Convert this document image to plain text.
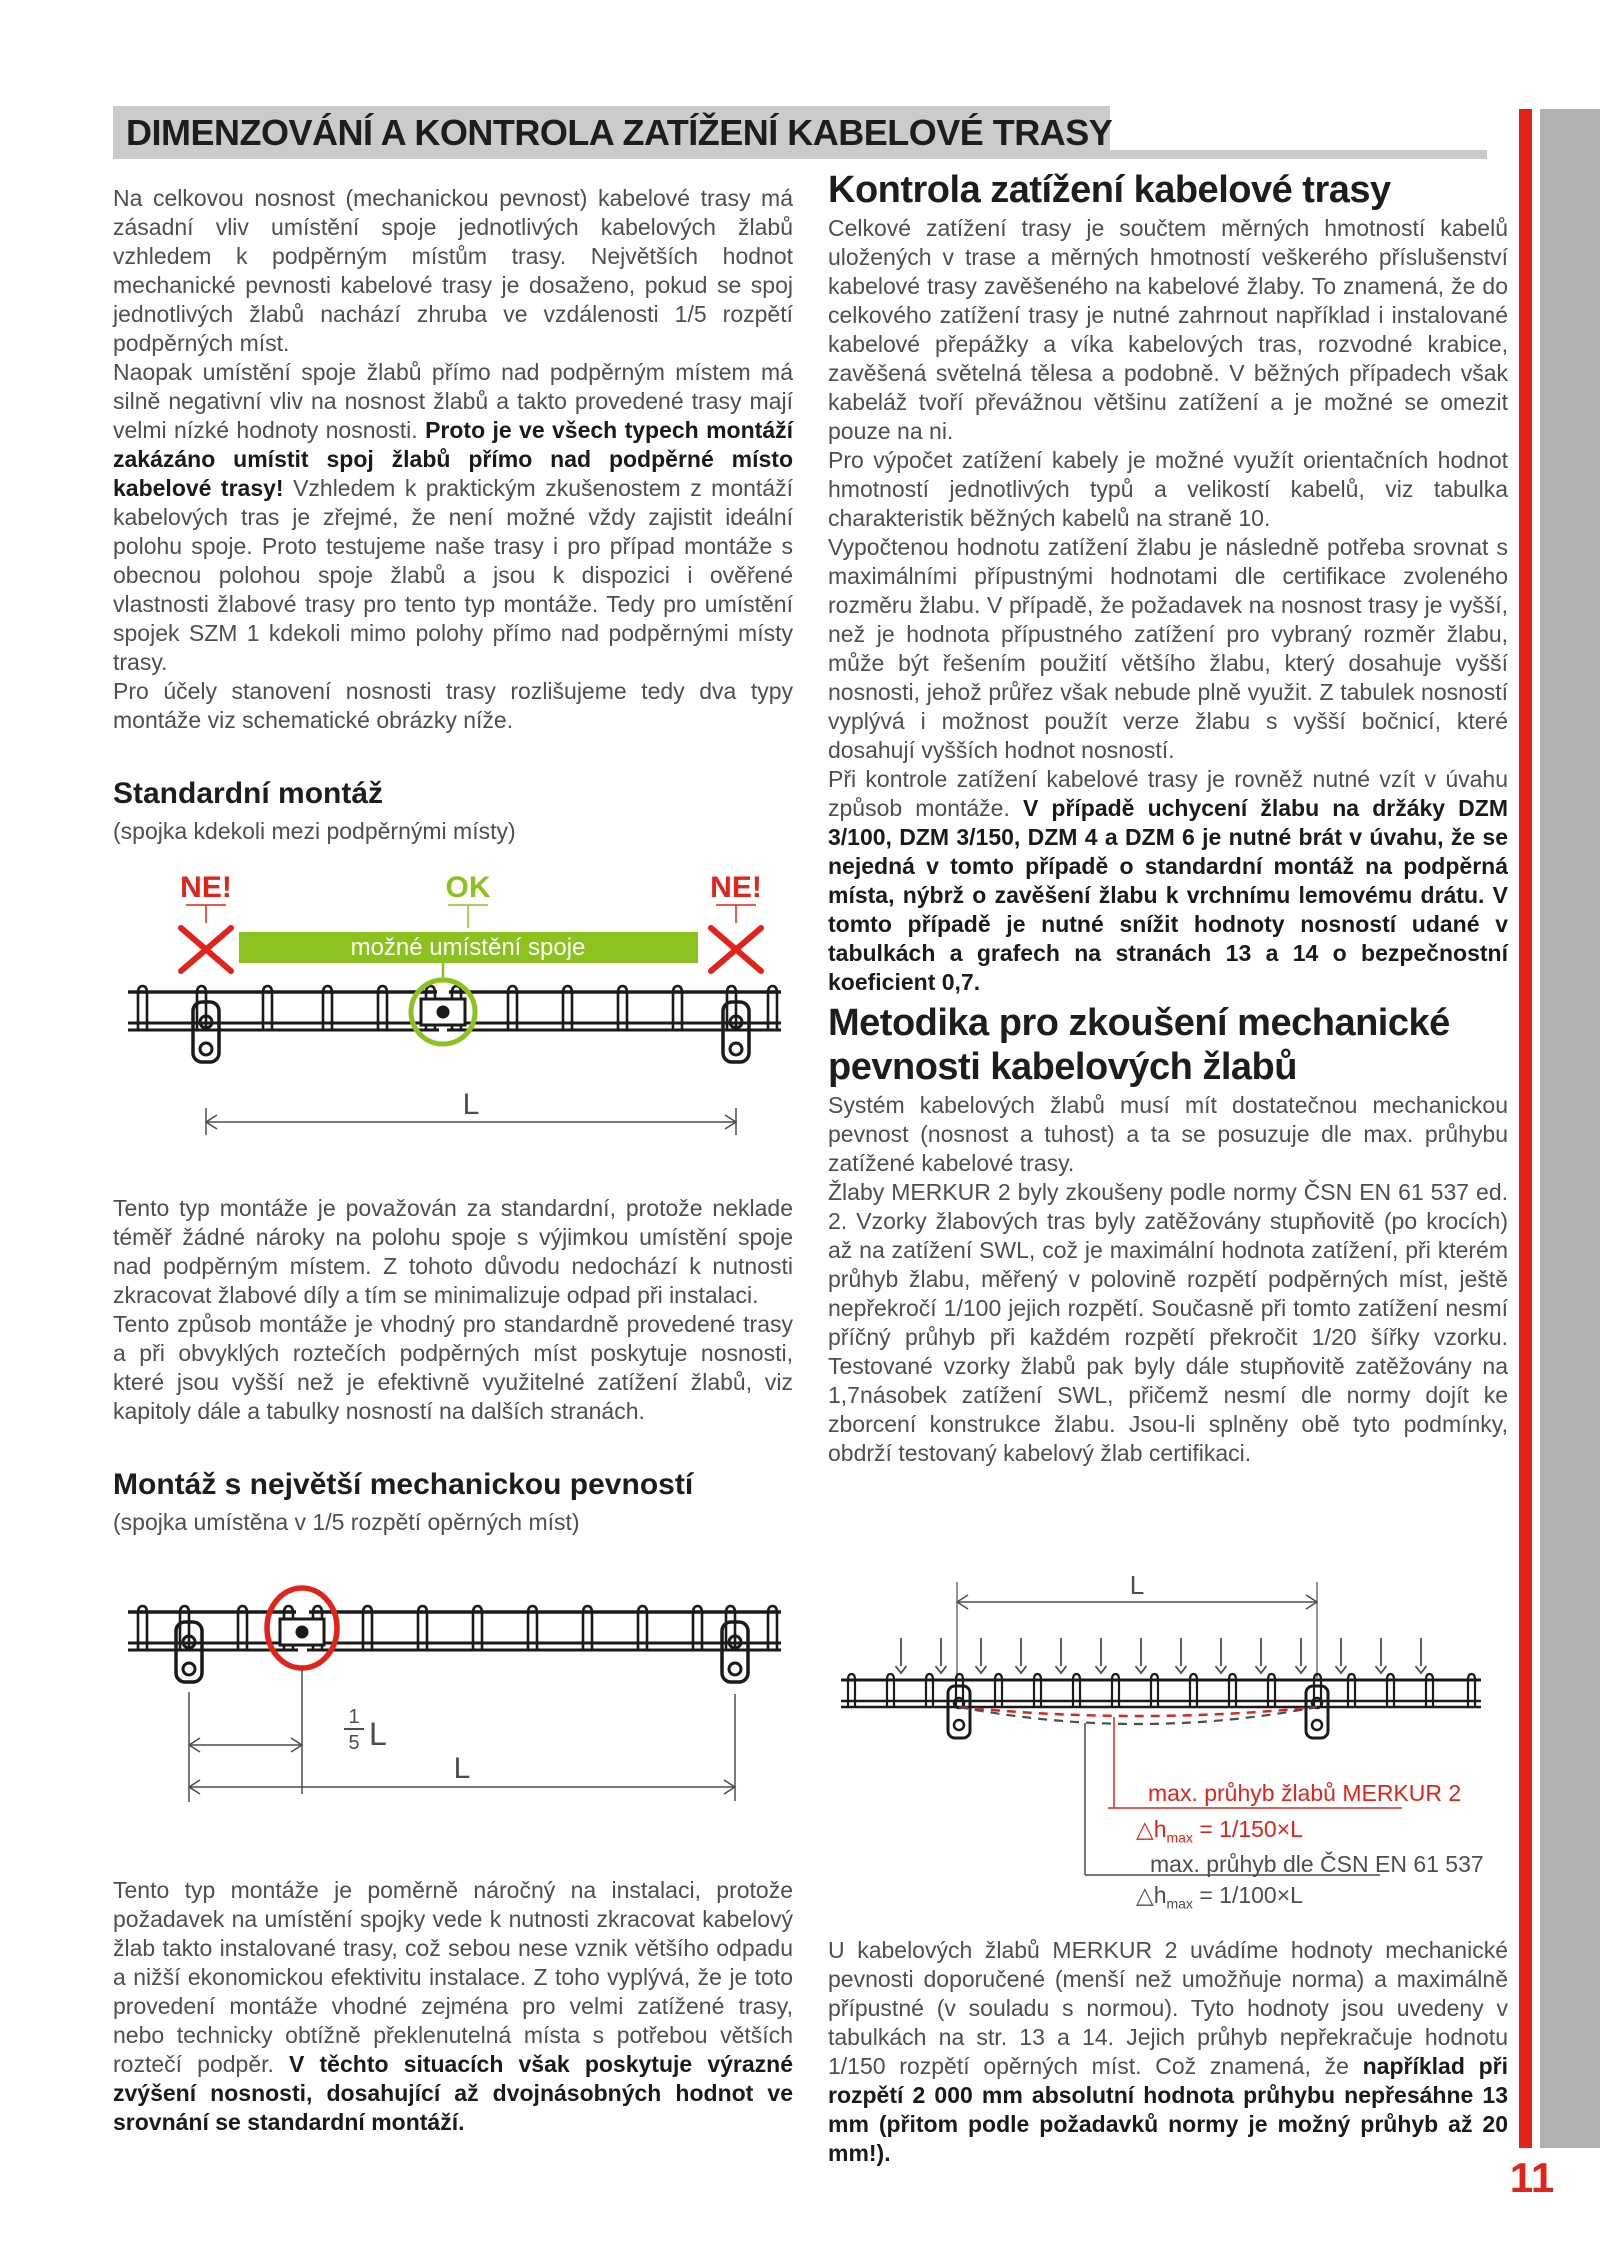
DIMENZOVÁNÍ A KONTROLA ZATÍŽENÍ KABELOVÉ TRASY
11

Na celkovou nosnost (mechanickou pevnost) kabelové trasy má zásadní vliv umístění spoje jednotlivých kabelových žlabů vzhledem k podpěrným místům trasy. Největších hodnot mechanické pevnosti kabelové trasy je dosaženo, pokud se spoj jednotlivých žlabů nachází zhruba ve vzdálenosti 1/5 rozpětí podpěrných míst.

Naopak umístění spoje žlabů přímo nad podpěrným místem má silně negativní vliv na nosnost žlabů a takto provedené trasy mají velmi nízké hodnoty nosnosti. Proto je ve všech typech montáží zakázáno umístit spoj žlabů přímo nad podpěrné místo kabelové trasy! Vzhledem k praktickým zkušenostem z montáží kabelových tras je zřejmé, že není možné vždy zajistit ideální polohu spoje. Proto testujeme naše trasy i pro případ montáže s obecnou polohou spoje žlabů a jsou k dispozici i ověřené vlastnosti žlabové trasy pro tento typ montáže. Tedy pro umístění spojek SZM 1 kdekoli mimo polohy přímo nad podpěrnými místy trasy.

Pro účely stanovení nosnosti trasy rozlišujeme tedy dva typy montáže viz schematické obrázky níže.

Standardní montáž

(spojka kdekoli mezi podpěrnými místy)

NE!	OK	NE!
možné umístění spoje
L

Tento typ montáže je považován za standardní, protože neklade téměř žádné nároky na polohu spoje s výjimkou umístění spoje nad podpěrným místem. Z tohoto důvodu nedochází k nutnosti zkracovat žlabové díly a tím se minimalizuje odpad při instalaci.

Tento způsob montáže je vhodný pro standardně provedené trasy a při obvyklých roztečích podpěrných míst poskytuje nosnosti, které jsou vyšší než je efektivně využitelné zatížení žlabů, viz kapitoly dále a tabulky nosností na dalších stranách.

Montáž s největší mechanickou pevností

(spojka umístěna v 1/5 rozpětí opěrných míst)

1
5 L
L

Tento typ montáže je poměrně náročný na instalaci, protože požadavek na umístění spojky vede k nutnosti zkracovat kabelový žlab takto instalované trasy, což sebou nese vznik většího odpadu a nižší ekonomickou efektivitu instalace. Z toho vyplývá, že je toto provedení montáže vhodné zejména pro velmi zatížené trasy, nebo technicky obtížně překlenutelná místa s potřebou větších roztečí podpěr. V těchto situacích však poskytuje výrazné zvýšení nosnosti, dosahující až dvojnásobných hodnot ve srovnání se standardní montáží.

Kontrola zatížení kabelové trasy

Celkové zatížení trasy je součtem měrných hmotností kabelů uložených v trase a měrných hmotností veškerého příslušenství kabelové trasy zavěšeného na kabelové žlaby. To znamená, že do celkového zatížení trasy je nutné zahrnout například i instalované kabelové přepážky a víka kabelových tras, rozvodné krabice, zavěšená světelná tělesa a podobně. V běžných případech však kabeláž tvoří převážnou většinu zatížení a je možné se omezit pouze na ni.

Pro výpočet zatížení kabely je možné využít orientačních hodnot hmotností jednotlivých typů a velikostí kabelů, viz tabulka charakteristik běžných kabelů na straně 10.

Vypočtenou hodnotu zatížení žlabu je následně potřeba srovnat s maximálními přípustnými hodnotami dle certifikace zvoleného rozměru žlabu. V případě, že požadavek na nosnost trasy je vyšší, než je hodnota přípustného zatížení pro vybraný rozměr žlabu, může být řešením použití většího žlabu, který dosahuje vyšší nosnosti, jehož průřez však nebude plně využit. Z tabulek nosností vyplývá i možnost použít verze žlabu s vyšší bočnicí, které dosahují vyšších hodnot nosností.

Při kontrole zatížení kabelové trasy je rovněž nutné vzít v úvahu způsob montáže. V případě uchycení žlabu na držáky DZM 3/100, DZM 3/150, DZM 4 a DZM 6 je nutné brát v úvahu, že se nejedná v tomto případě o standardní montáž na podpěrná místa, nýbrž o zavěšení žlabu k vrchnímu lemovému drátu. V tomto případě je nutné snížit hodnoty nosností udané v tabulkách a grafech na stranách 13 a 14 o bezpečnostní koeficient 0,7.

Metodika pro zkoušení mechanické pevnosti kabelových žlabů

Systém kabelových žlabů musí mít dostatečnou mechanickou pevnost (nosnost a tuhost) a ta se posuzuje dle max. průhybu zatížené kabelové trasy.

Žlaby MERKUR 2 byly zkoušeny podle normy ČSN EN 61 537 ed. 2. Vzorky žlabových tras byly zatěžovány stupňovitě (po krocích) až na zatížení SWL, což je maximální hodnota zatížení, při kterém průhyb žlabu, měřený v polovině rozpětí podpěrných míst, ještě nepřekročí 1/100 jejich rozpětí. Současně při tomto zatížení nesmí příčný průhyb při každém rozpětí překročit 1/20 šířky vzorku. Testované vzorky žlabů pak byly dále stupňovitě zatěžovány na 1,7násobek zatížení SWL, přičemž nesmí dle normy dojít ke zborcení konstrukce žlabu. Jsou-li splněny obě tyto podmínky, obdrží testovaný kabelový žlab certifikaci.

L
max. průhyb žlabů MERKUR 2
$\triangle h_{max} = 1/150\times L$
max. průhyb dle ČSN EN 61 537
$\triangle h_{max} = 1/100\times L$

U kabelových žlabů MERKUR 2 uvádíme hodnoty mechanické pevnosti doporučené (menší než umožňuje norma) a maximálně přípustné (v souladu s normou). Tyto hodnoty jsou uvedeny v tabulkách na str. 13 a 14. Jejich průhyb nepřekračuje hodnotu 1/150 rozpětí opěrných míst. Což znamená, že například při rozpětí 2 000 mm absolutní hodnota průhybu nepřesáhne 13 mm (přitom podle požadavků normy je možný průhyb až 20 mm!).
